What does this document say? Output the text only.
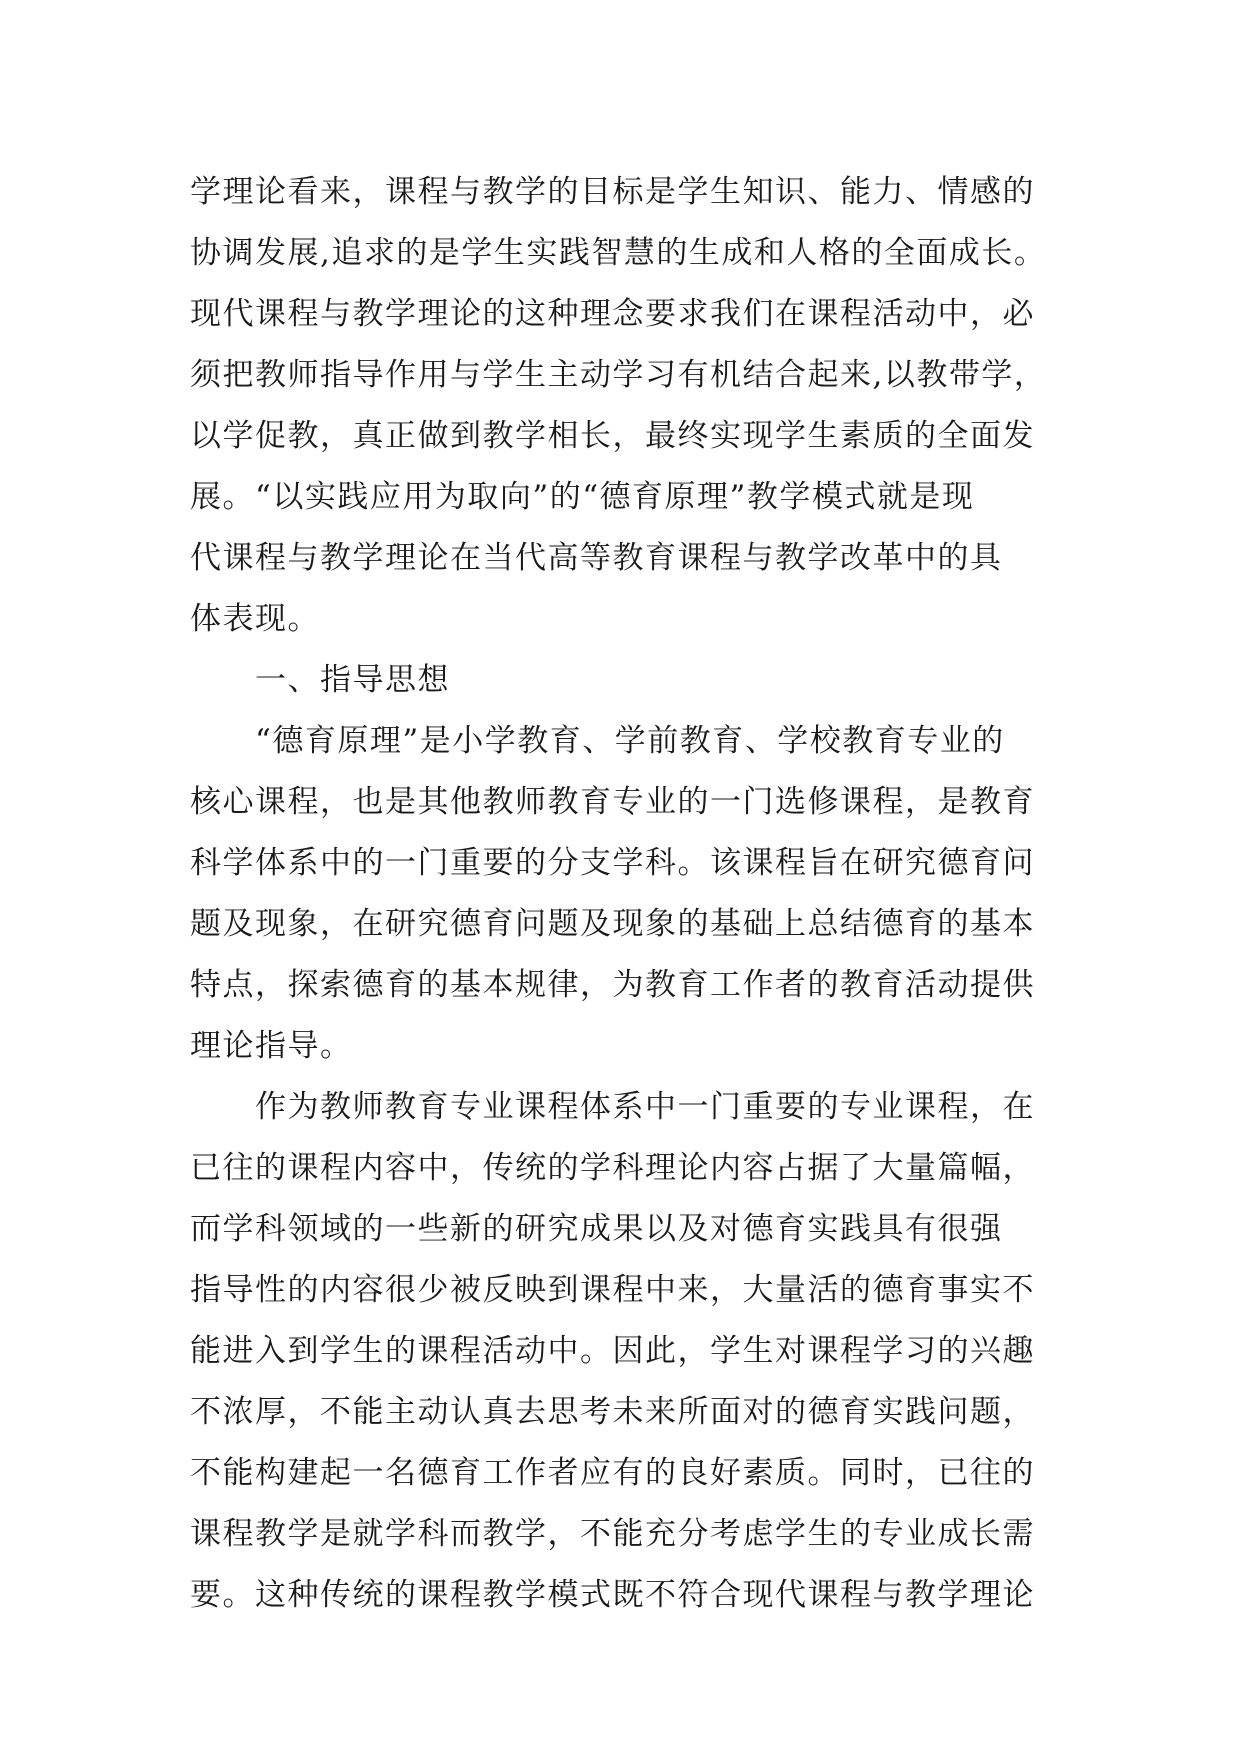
学理论看来，课程与教学的目标是学生知识、能力、情感的
协调发展,追求的是学生实践智慧的生成和人格的全面成长。
现代课程与教学理论的这种理念要求我们在课程活动中，必
须把教师指导作用与学生主动学习有机结合起来,以教带学，
以学促教，真正做到教学相长，最终实现学生素质的全面发
展。“以实践应用为取向”的“德育原理”教学模式就是现
代课程与教学理论在当代高等教育课程与教学改革中的具
体表现。
一、指导思想
“德育原理”是小学教育、学前教育、学校教育专业的
核心课程，也是其他教师教育专业的一门选修课程，是教育
科学体系中的一门重要的分支学科。该课程旨在研究德育问
题及现象，在研究德育问题及现象的基础上总结德育的基本
特点，探索德育的基本规律，为教育工作者的教育活动提供
理论指导。
作为教师教育专业课程体系中一门重要的专业课程，在
已往的课程内容中，传统的学科理论内容占据了大量篇幅，
而学科领域的一些新的研究成果以及对德育实践具有很强
指导性的内容很少被反映到课程中来，大量活的德育事实不
能进入到学生的课程活动中。因此，学生对课程学习的兴趣
不浓厚，不能主动认真去思考未来所面对的德育实践问题，
不能构建起一名德育工作者应有的良好素质。同时，已往的
课程教学是就学科而教学，不能充分考虑学生的专业成长需
要。这种传统的课程教学模式既不符合现代课程与教学理论
